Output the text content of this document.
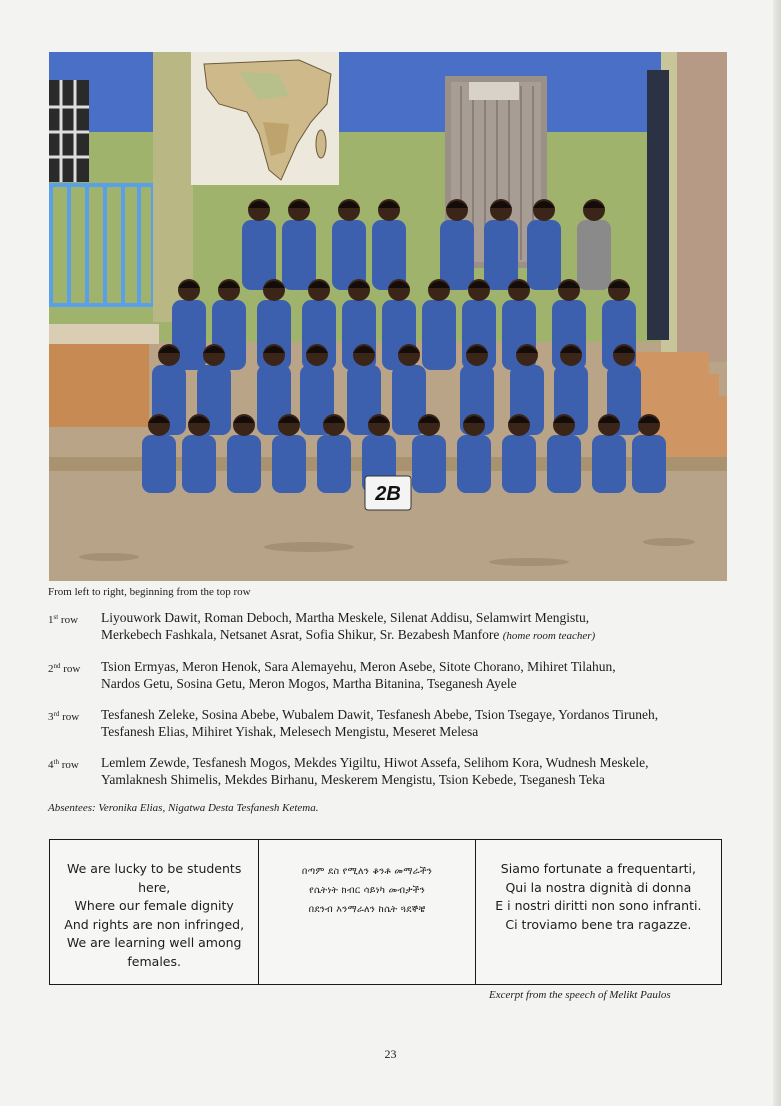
2B
From left to right, beginning from the top row
1st row Liyouwork Dawit, Roman Deboch, Martha Meskele, Silenat Addisu, Selamwirt Mengistu,
Merkebech Fashkala, Netsanet Asrat, Sofia Shikur, Sr. Bezabesh Manfore (home room teacher)
2nd row Tsion Ermyas, Meron Henok, Sara Alemayehu, Meron Asebe, Sitote Chorano, Mihiret Tilahun,
Nardos Getu, Sosina Getu, Meron Mogos, Martha Bitanina, Tseganesh Ayele
3rd row Tesfanesh Zeleke, Sosina Abebe, Wubalem Dawit, Tesfanesh Abebe, Tsion Tsegaye, Yordanos Tiruneh,
Tesfanesh Elias, Mihiret Yishak, Melesech Mengistu, Meseret Melesa
4th row Lemlem Zewde, Tesfanesh Mogos, Mekdes Yigiltu, Hiwot Assefa, Selihom Kora, Wudnesh Meskele,
Yamlaknesh Shimelis, Mekdes Birhanu, Meskerem Mengistu, Tsion Kebede, Tseganesh Teka
Absentees: Veronika Elias, Nigatwa Desta Tesfanesh Ketema.

We are lucky to be students
here,
Where our female dignity
And rights are non infringed,
We are learning well among
females.

በጣም ደስ የሚለን ቆንቶ መማራችን
የሴትነት ክብር ሳይነካ መብታችን
በደንብ እንማራለን ከሴት ጓደኞቼ

Siamo fortunate a frequentarti,
Qui la nostra dignità di donna
E i nostri diritti non sono infranti.
Ci troviamo bene tra ragazze.

Excerpt from the speech of Melikt Paulos
23
